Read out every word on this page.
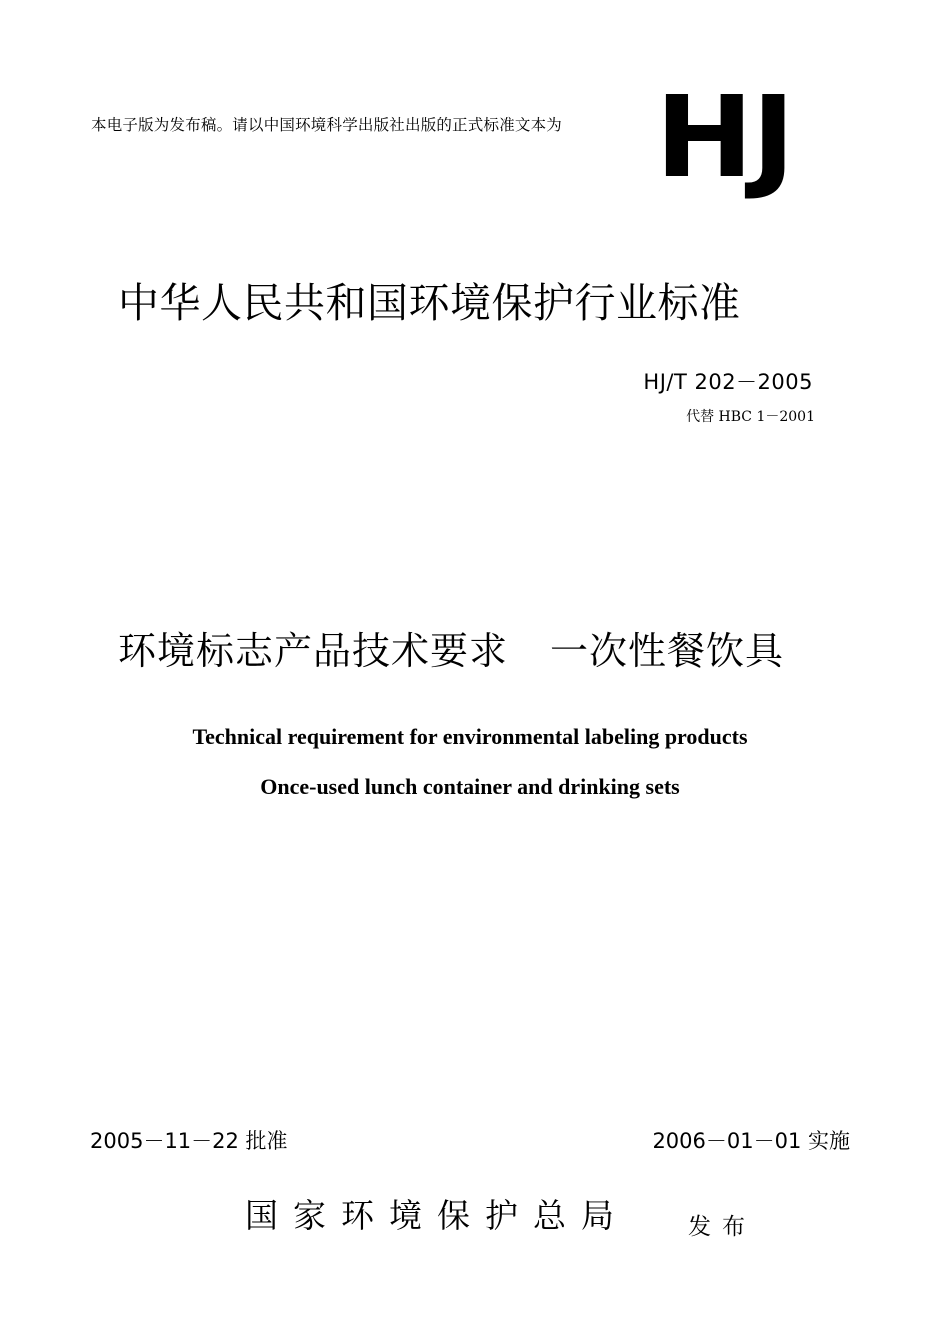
本电子版为发布稿。请以中国环境科学出版社出版的正式标准文本为 HJ
中华人民共和国环境保护行业标准
HJ/T 202－2005
代替 HBC 1－2001
环境标志产品技术要求 一次性餐饮具
Technical requirement for environmental labeling products
Once-used lunch container and drinking sets
2005－11－22 批准	2006－01－01 实施
国家环境保护总局	发布
